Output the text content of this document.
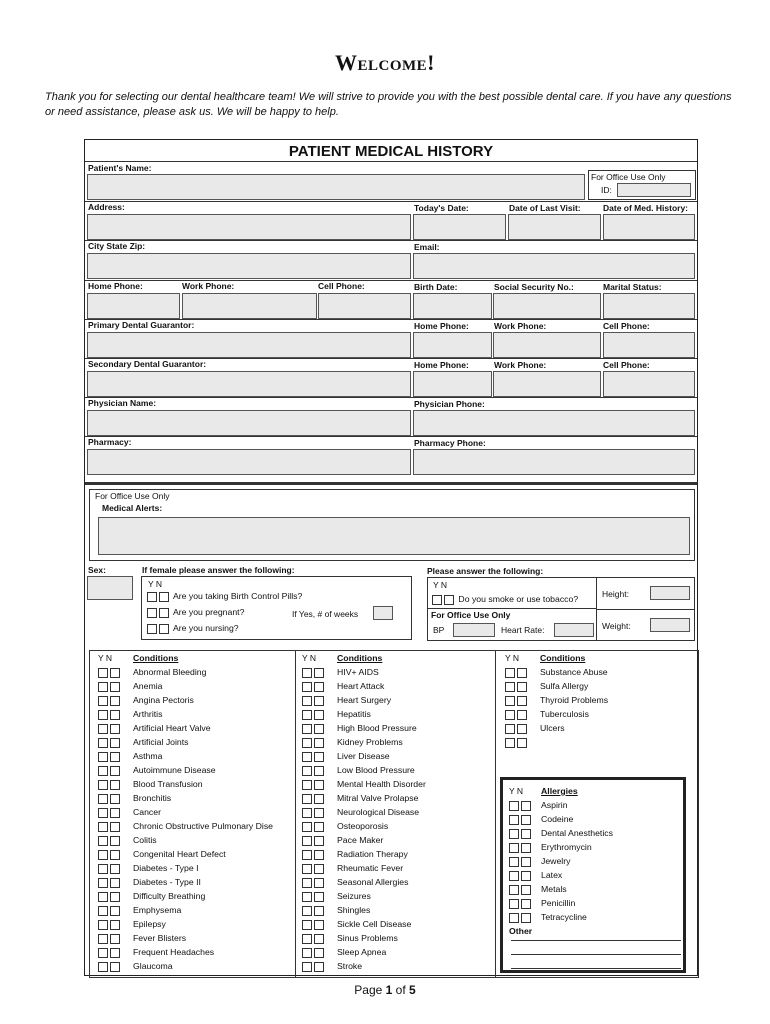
Welcome!
Thank you for selecting our dental healthcare team! We will strive to provide you with the best possible dental care. If you have any questions or need assistance, please ask us. We will be happy to help.
PATIENT MEDICAL HISTORY
Patient's Name:
For Office Use Only
ID:
Address:	Today's Date:	Date of Last Visit:	Date of Med. History:
City State Zip:	Email:
Home Phone:	Work Phone:	Cell Phone:	Birth Date:	Social Security No.:	Marital Status:
Primary Dental Guarantor:	Home Phone:	Work Phone:	Cell Phone:
Secondary Dental Guarantor:	Home Phone:	Work Phone:	Cell Phone:
Physician Name:	Physician Phone:
Pharmacy:	Pharmacy Phone:
For Office Use Only
Medical Alerts:
Sex:	If female please answer the following:
Y N
Are you taking Birth Control Pills?
Are you pregnant?	If Yes, # of weeks
Are you nursing?
Please answer the following:
Y N
Do you smoke or use tobacco?
For Office Use Only
BP	Heart Rate:
Height:
Weight:
Y N Conditions
Abnormal Bleeding
Anemia
Angina Pectoris
Arthritis
Artificial Heart Valve
Artificial Joints
Asthma
Autoimmune Disease
Blood Transfusion
Bronchitis
Cancer
Chronic Obstructive Pulmonary Dise
Colitis
Congenital Heart Defect
Diabetes - Type I
Diabetes - Type II
Difficulty Breathing
Emphysema
Epilepsy
Fever Blisters
Frequent Headaches
Glaucoma
Y N Conditions
HIV+ AIDS
Heart Attack
Heart Surgery
Hepatitis
High Blood Pressure
Kidney Problems
Liver Disease
Low Blood Pressure
Mental Health Disorder
Mitral Valve Prolapse
Neurological Disease
Osteoporosis
Pace Maker
Radiation Therapy
Rheumatic Fever
Seasonal Allergies
Seizures
Shingles
Sickle Cell Disease
Sinus Problems
Sleep Apnea
Stroke
Y N Conditions
Substance Abuse
Sulfa Allergy
Thyroid Problems
Tuberculosis
Ulcers
Y N Allergies
Aspirin
Codeine
Dental Anesthetics
Erythromycin
Jewelry
Latex
Metals
Penicillin
Tetracycline
Other
Page 1 of 5
